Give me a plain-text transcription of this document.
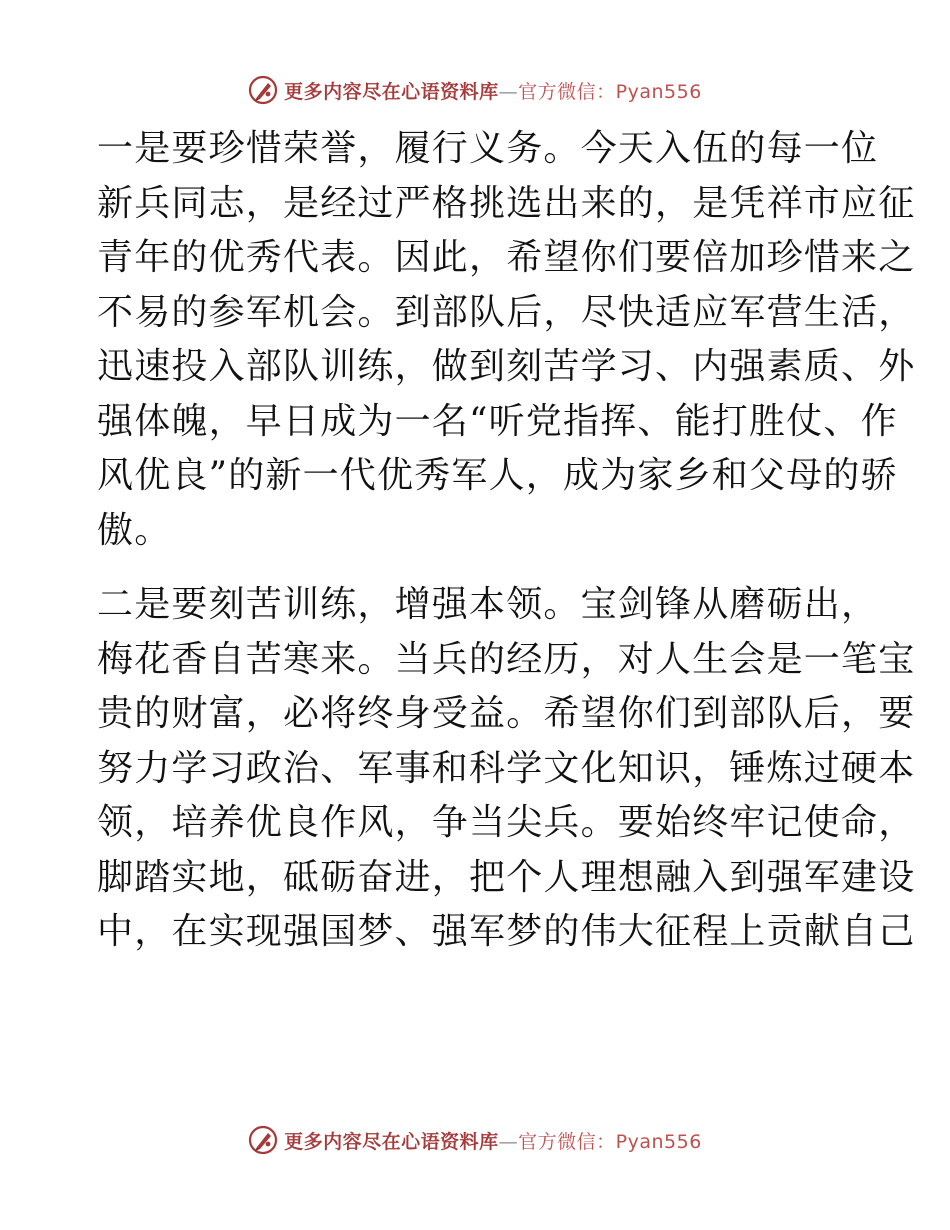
更多内容尽在心语资料库—官方微信：Pyan556

一是要珍惜荣誉，履行义务。今天入伍的每一位
新兵同志，是经过严格挑选出来的，是凭祥市应征
青年的优秀代表。因此，希望你们要倍加珍惜来之
不易的参军机会。到部队后，尽快适应军营生活，
迅速投入部队训练，做到刻苦学习、内强素质、外
强体魄，早日成为一名“听党指挥、能打胜仗、作
风优良”的新一代优秀军人，成为家乡和父母的骄
傲。

二是要刻苦训练，增强本领。宝剑锋从磨砺出，
梅花香自苦寒来。当兵的经历，对人生会是一笔宝
贵的财富，必将终身受益。希望你们到部队后，要
努力学习政治、军事和科学文化知识，锤炼过硬本
领，培养优良作风，争当尖兵。要始终牢记使命，
脚踏实地，砥砺奋进，把个人理想融入到强军建设
中，在实现强国梦、强军梦的伟大征程上贡献自己

更多内容尽在心语资料库—官方微信：Pyan556
